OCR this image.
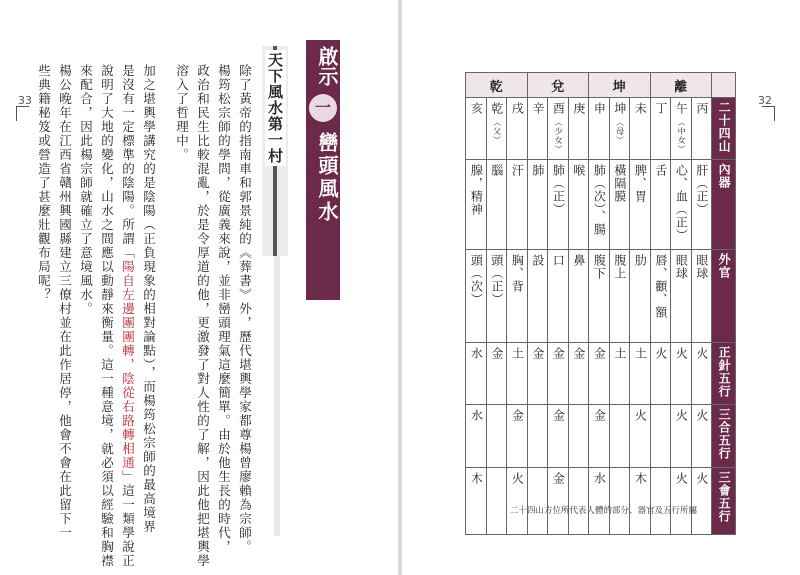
33
啟示
一
巒頭風水
天下風水第一村
除了黃帝的指南車和郭景純的《葬書》外，歷代堪輿學家都尊楊曾廖賴為宗師。
楊筠松宗師的學問，從廣義來說，並非巒頭理氣這麼簡單。由於他生長的時代，
政治和民生比較混亂，於是令厚道的他，更激發了對人性的了解，因此他把堪輿學
溶入了哲理中。
加之堪輿學講究的是陰陽（正負現象的相對論點），而楊筠松宗師的最高境界
是沒有一定標準的陰陽。所謂「陽自左邊團團轉，陰從右路轉相通」這一類學說正
說明了大地的變化，山水之間應以動靜來衡量。這一種意境，就必須以經驗和胸襟
來配合，因此楊宗師就確立了意境風水。
楊公晚年在江西省贛州興國縣建立三僚村並在此作居停，他會不會在此留下一
些典籍秘笈或營造了甚麼壯觀布局呢？	32
乾			兌			坤			離			
亥	乾（父）	戌	辛	酉（少女）	庚	申	坤（母）	未	丁	午（中女）	丙	二十四山
腺，精神	腦	汗	肺	肺（正）	喉	肺（次）、腸	橫隔膜	脾、胃	舌	心、血（正）	肝（正）	內器
頭（次）	頭（正）	胸、背	設	口	鼻	腹下	腹上	肋	唇、顴、額	眼球	眼球	外官
水	金	土	金	金	金	金	土	土	火	火	火	正針五行
水		金		金		金		火		火	火	三合五行
木		火		金		水		木		火	火	三會五行
二十四山方位所代表人體的部分、器官及五行所屬
